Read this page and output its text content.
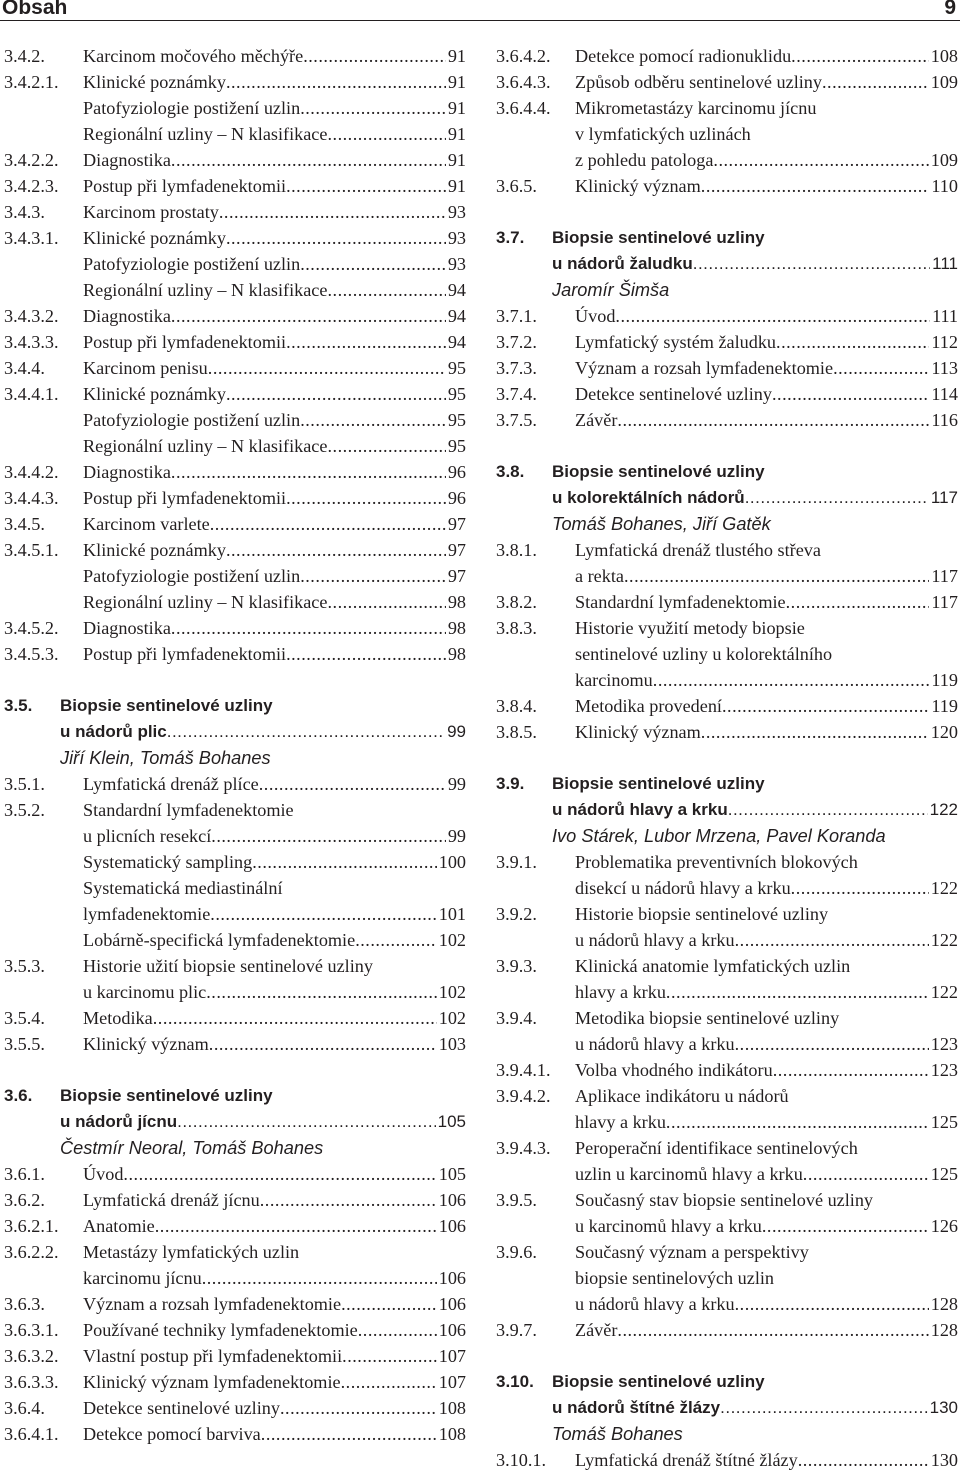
Obsah	9
3.4.2.	Karcinom močového měchýře .....	91
3.4.2.1.	Klinické poznámky .....	91
Patofyziologie postižení uzlin .....	91
Regionální uzliny – N klasifikace .....	91
3.4.2.2.	Diagnostika .....	91
3.4.2.3.	Postup při lymfadenektomii .....	91
3.4.3.	Karcinom prostaty .....	93
3.4.3.1.	Klinické poznámky .....	93
Patofyziologie postižení uzlin .....	93
Regionální uzliny – N klasifikace .....	94
3.4.3.2.	Diagnostika .....	94
3.4.3.3.	Postup při lymfadenektomii .....	94
3.4.4.	Karcinom penisu .....	95
3.4.4.1.	Klinické poznámky .....	95
Patofyziologie postižení uzlin .....	95
Regionální uzliny – N klasifikace .....	95
3.4.4.2.	Diagnostika .....	96
3.4.4.3.	Postup při lymfadenektomii .....	96
3.4.5.	Karcinom varlete .....	97
3.4.5.1.	Klinické poznámky .....	97
Patofyziologie postižení uzlin .....	97
Regionální uzliny – N klasifikace .....	98
3.4.5.2.	Diagnostika .....	98
3.4.5.3.	Postup při lymfadenektomii .....	98
3.5.	Biopsie sentinelové uzliny
u nádorů plic .....	99
Jiří Klein, Tomáš Bohanes
3.5.1.	Lymfatická drenáž plíce .....	99
3.5.2.	Standardní lymfadenektomie
u plicních resekcí .....	99
Systematický sampling .....	100
Systematická mediastinální
lymfadenektomie .....	101
Lobárně-specifická lymfadenektomie .....	102
3.5.3.	Historie užití biopsie sentinelové uzliny
u karcinomu plic .....	102
3.5.4.	Metodika .....	102
3.5.5.	Klinický význam .....	103
3.6.	Biopsie sentinelové uzliny
u nádorů jícnu .....	105
Čestmír Neoral, Tomáš Bohanes
3.6.1.	Úvod .....	105
3.6.2.	Lymfatická drenáž jícnu .....	106
3.6.2.1.	Anatomie .....	106
3.6.2.2.	Metastázy lymfatických uzlin
karcinomu jícnu .....	106
3.6.3.	Význam a rozsah lymfadenektomie .....	106
3.6.3.1.	Používané techniky lymfadenektomie .....	106
3.6.3.2.	Vlastní postup při lymfadenektomii .....	107
3.6.3.3.	Klinický význam lymfadenektomie .....	107
3.6.4.	Detekce sentinelové uzliny .....	108
3.6.4.1.	Detekce pomocí barviva .....	108
3.6.4.2.	Detekce pomocí radionuklidu .....	108
3.6.4.3.	Způsob odběru sentinelové uzliny .....	109
3.6.4.4.	Mikrometastázy karcinomu jícnu
v lymfatických uzlinách
z pohledu patologa .....	109
3.6.5.	Klinický význam .....	110
3.7.	Biopsie sentinelové uzliny
u nádorů žaludku .....	111
Jaromír Šimša
3.7.1.	Úvod .....	111
3.7.2.	Lymfatický systém žaludku .....	112
3.7.3.	Význam a rozsah lymfadenektomie .....	113
3.7.4.	Detekce sentinelové uzliny .....	114
3.7.5.	Závěr .....	116
3.8.	Biopsie sentinelové uzliny
u kolorektálních nádorů .....	117
Tomáš Bohanes, Jiří Gatěk
3.8.1.	Lymfatická drenáž tlustého střeva
a rekta .....	117
3.8.2.	Standardní lymfadenektomie .....	117
3.8.3.	Historie využití metody biopsie
sentinelové uzliny u kolorektálního
karcinomu .....	119
3.8.4.	Metodika provedení .....	119
3.8.5.	Klinický význam .....	120
3.9.	Biopsie sentinelové uzliny
u nádorů hlavy a krku .....	122
Ivo Stárek, Lubor Mrzena, Pavel Koranda
3.9.1.	Problematika preventivních blokových
disekcí u nádorů hlavy a krku .....	122
3.9.2.	Historie biopsie sentinelové uzliny
u nádorů hlavy a krku .....	122
3.9.3.	Klinická anatomie lymfatických uzlin
hlavy a krku .....	122
3.9.4.	Metodika biopsie sentinelové uzliny
u nádorů hlavy a krku .....	123
3.9.4.1.	Volba vhodného indikátoru .....	123
3.9.4.2.	Aplikace indikátoru u nádorů
hlavy a krku .....	125
3.9.4.3.	Peroperační identifikace sentinelových
uzlin u karcinomů hlavy a krku .....	125
3.9.5.	Současný stav biopsie sentinelové uzliny
u karcinomů hlavy a krku .....	126
3.9.6.	Současný význam a perspektivy
biopsie sentinelových uzlin
u nádorů hlavy a krku .....	128
3.9.7.	Závěr .....	128
3.10.	Biopsie sentinelové uzliny
u nádorů štítné žlázy .....	130
Tomáš Bohanes
3.10.1.	Lymfatická drenáž štítné žlázy .....	130
